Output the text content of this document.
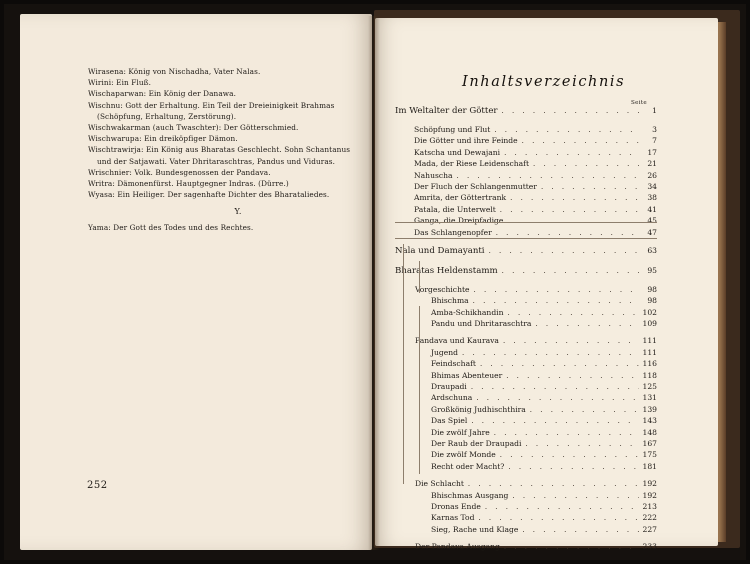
Wirasena: König von Nischadha, Vater Nalas.
Wirini: Ein Fluß.
Wischaparwan: Ein König der Danawa.
Wischnu: Gott der Erhaltung. Ein Teil der Dreieinigkeit Brahmas (Schöpfung, Erhaltung, Zerstörung).
Wischwakarman (auch Twaschter): Der Götterschmied.
Wischwarupa: Ein dreiköpfiger Dämon.
Wischtrawirja: Ein König aus Bharatas Geschlecht. Sohn Schantanus und der Satjawati. Vater Dhritaraschtras, Pandus und Viduras.
Wrischnier: Volk. Bundesgenossen der Pandava.
Writra: Dämonenfürst. Hauptgegner Indras. (Dürre.)
Wyasa: Ein Heiliger. Der sagenhafte Dichter des Bharataliedes.
Y.
Yama: Der Gott des Todes und des Rechtes.
252
Inhaltsverzeichnis
Seite
Im Weltalter der Götter . . .	1
Schöpfung und Flut . . .	3
Die Götter und ihre Feinde . . .	7
Katscha und Dewajani . . .	17
Mada, der Riese Leidenschaft . . .	21
Nahuscha . . .	26
Der Fluch der Schlangenmutter . . .	34
Amrita, der Göttertrank . . .	38
Patala, die Unterwelt . . .	41
Ganga, die Dreipfadige . . .	45
Das Schlangenopfer . . .	47
Nala und Damayanti . . .	63
Bharatas Heldenstamm . . .	95
Vorgeschichte . . .	98
Bhischma . . .	98
Amba-Schikhandin . . .	102
Pandu und Dhritaraschtra . . .	109
Pandava und Kaurava . . .	111
Jugend . . .	111
Feindschaft . . .	116
Bhimas Abenteuer . . .	118
Draupadi . . .	125
Ardschuna . . .	131
Großkönig Judhischthira . . .	139
Das Spiel . . .	143
Die zwölf Jahre . . .	148
Der Raub der Draupadi . . .	167
Die zwölf Monde . . .	175
Recht oder Macht? . . .	181
Die Schlacht . . .	192
Bhischmas Ausgang . . .	192
Dronas Ende . . .	213
Karnas Tod . . .	222
Sieg, Rache und Klage . . .	227
Der Pandava Ausgang . . .	233
